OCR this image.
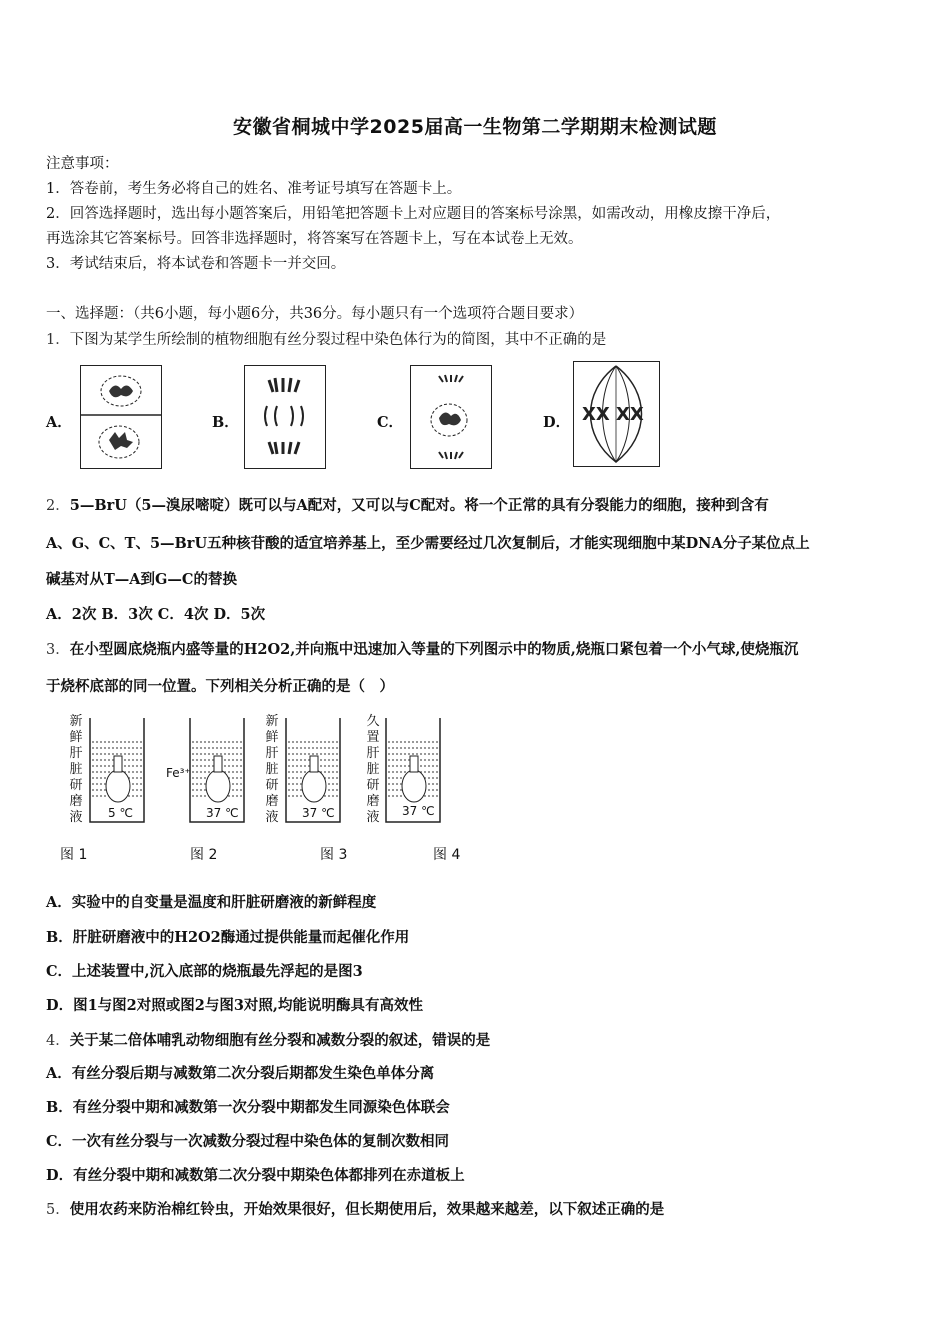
安徽省桐城中学2025届高一生物第二学期期末检测试题
注意事项：
1．答卷前，考生务必将自己的姓名、准考证号填写在答题卡上。
2．回答选择题时，选出每小题答案后，用铅笔把答题卡上对应题目的答案标号涂黑，如需改动，用橡皮擦干净后，
再选涂其它答案标号。回答非选择题时，将答案写在答题卡上，写在本试卷上无效。
3．考试结束后，将本试卷和答题卡一并交回。
一、选择题：（共6小题，每小题6分，共36分。每小题只有一个选项符合题目要求）
1．下图为某学生所绘制的植物细胞有丝分裂过程中染色体行为的简图，其中不正确的是
A．	B．	C．	D． XX XX
2．5—BrU（5—溴尿嘧啶）既可以与A配对，又可以与C配对。将一个正常的具有分裂能力的细胞，接种到含有
A、G、C、T、5—BrU五种核苷酸的适宜培养基上，至少需要经过几次复制后，才能实现细胞中某DNA分子某位点上
碱基对从T—A到G—C的替换
A．2次 B．3次 C．4次 D．5次
3．在小型圆底烧瓶内盛等量的H2O2,并向瓶中迅速加入等量的下列图示中的物质,烧瓶口紧包着一个小气球,使烧瓶沉
于烧杯底部的同一位置。下列相关分析正确的是（　）
新鲜肝脏研磨液
新鲜肝脏研磨液
久置肝脏研磨液
Fe³⁺
5 ℃	37 ℃	37 ℃	37 ℃
图 1	图 2	图 3	图 4
A．实验中的自变量是温度和肝脏研磨液的新鲜程度
B．肝脏研磨液中的H2O2酶通过提供能量而起催化作用
C．上述装置中,沉入底部的烧瓶最先浮起的是图3
D．图1与图2对照或图2与图3对照,均能说明酶具有高效性
4．关于某二倍体哺乳动物细胞有丝分裂和减数分裂的叙述，错误的是
A．有丝分裂后期与减数第二次分裂后期都发生染色单体分离
B．有丝分裂中期和减数第一次分裂中期都发生同源染色体联会
C．一次有丝分裂与一次减数分裂过程中染色体的复制次数相同
D．有丝分裂中期和减数第二次分裂中期染色体都排列在赤道板上
5．使用农药来防治棉红铃虫，开始效果很好，但长期使用后，效果越来越差，以下叙述正确的是
